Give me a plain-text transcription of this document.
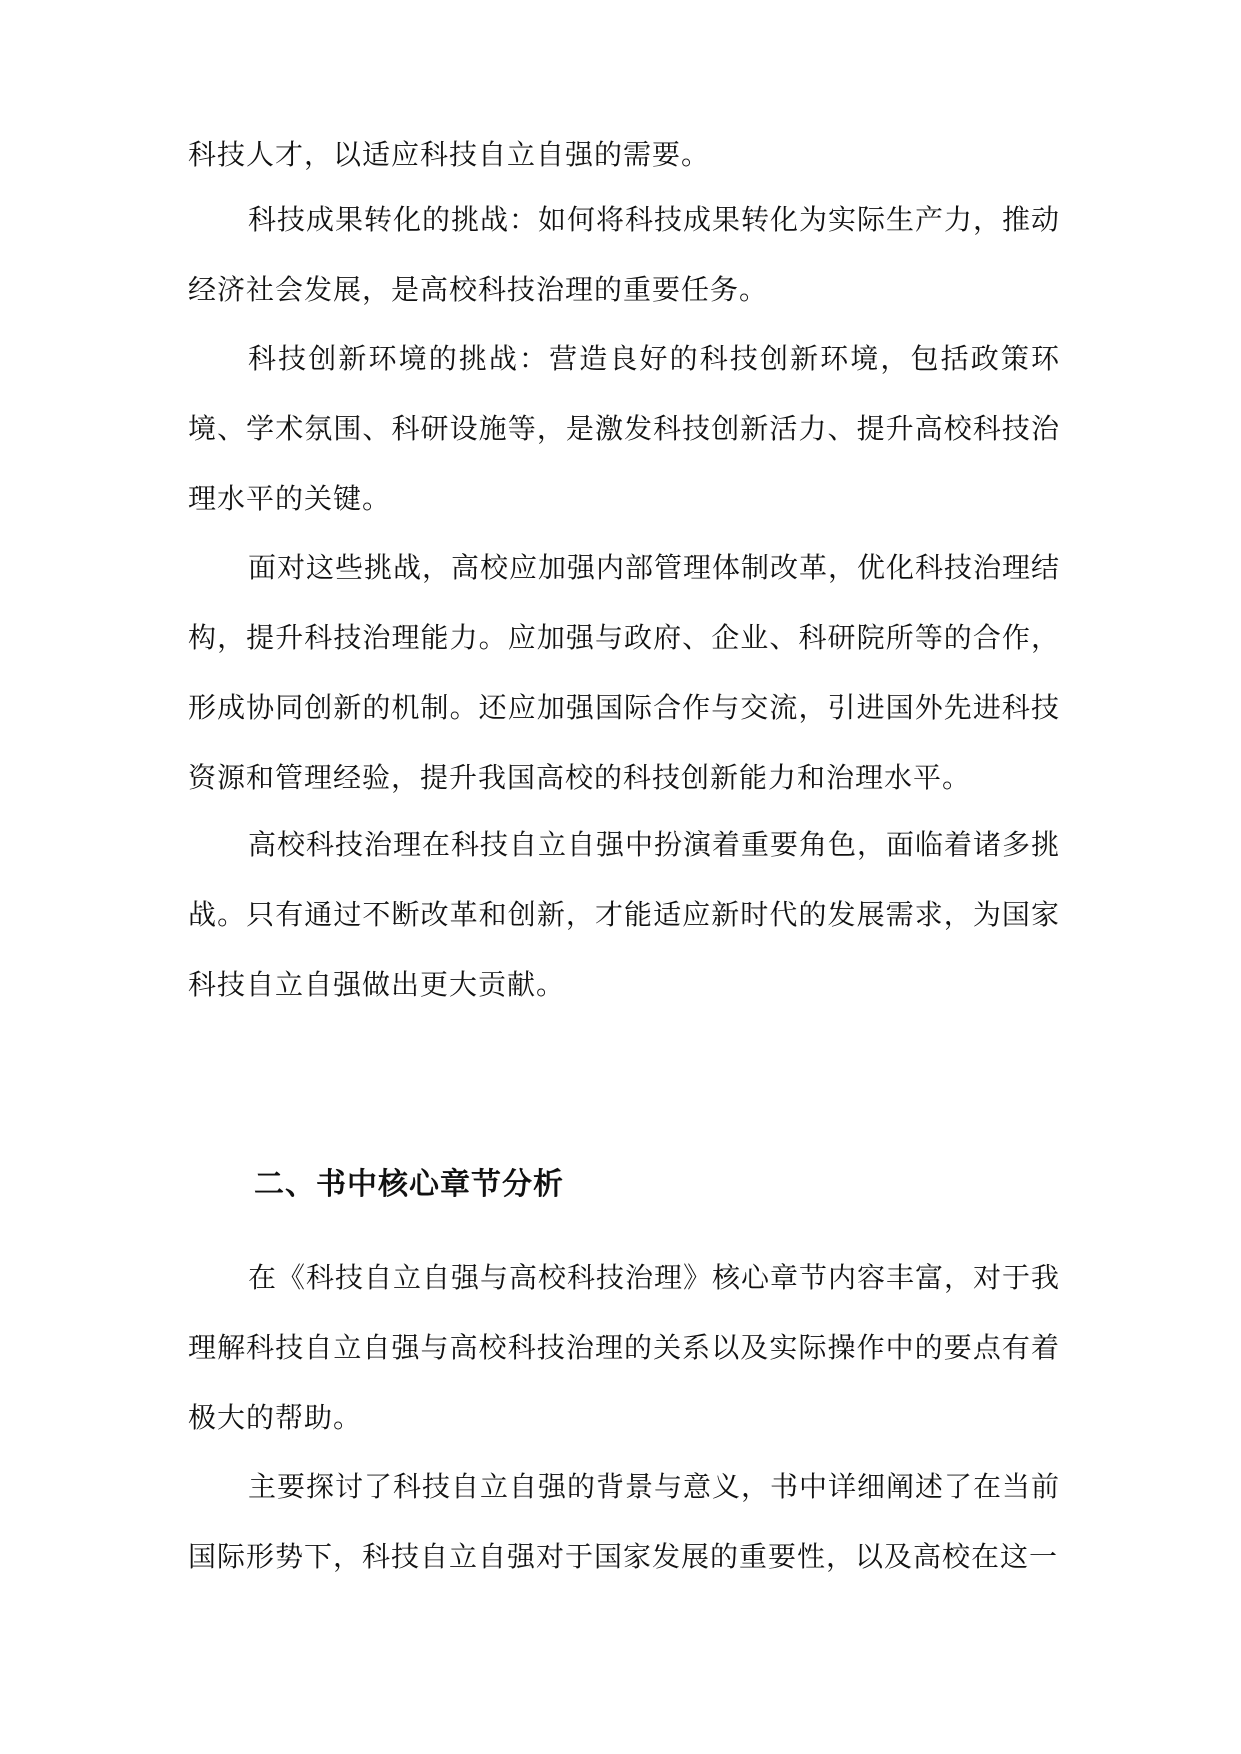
科技人才，以适应科技自立自强的需要。

科技成果转化的挑战：如何将科技成果转化为实际生产力，推动经济社会发展，是高校科技治理的重要任务。

科技创新环境的挑战：营造良好的科技创新环境，包括政策环境、学术氛围、科研设施等，是激发科技创新活力、提升高校科技治理水平的关键。

面对这些挑战，高校应加强内部管理体制改革，优化科技治理结构，提升科技治理能力。应加强与政府、企业、科研院所等的合作，形成协同创新的机制。还应加强国际合作与交流，引进国外先进科技资源和管理经验，提升我国高校的科技创新能力和治理水平。

高校科技治理在科技自立自强中扮演着重要角色，面临着诸多挑战。只有通过不断改革和创新，才能适应新时代的发展需求，为国家科技自立自强做出更大贡献。

二、书中核心章节分析

在《科技自立自强与高校科技治理》核心章节内容丰富，对于我理解科技自立自强与高校科技治理的关系以及实际操作中的要点有着极大的帮助。

主要探讨了科技自立自强的背景与意义，书中详细阐述了在当前国际形势下，科技自立自强对于国家发展的重要性，以及高校在这一
